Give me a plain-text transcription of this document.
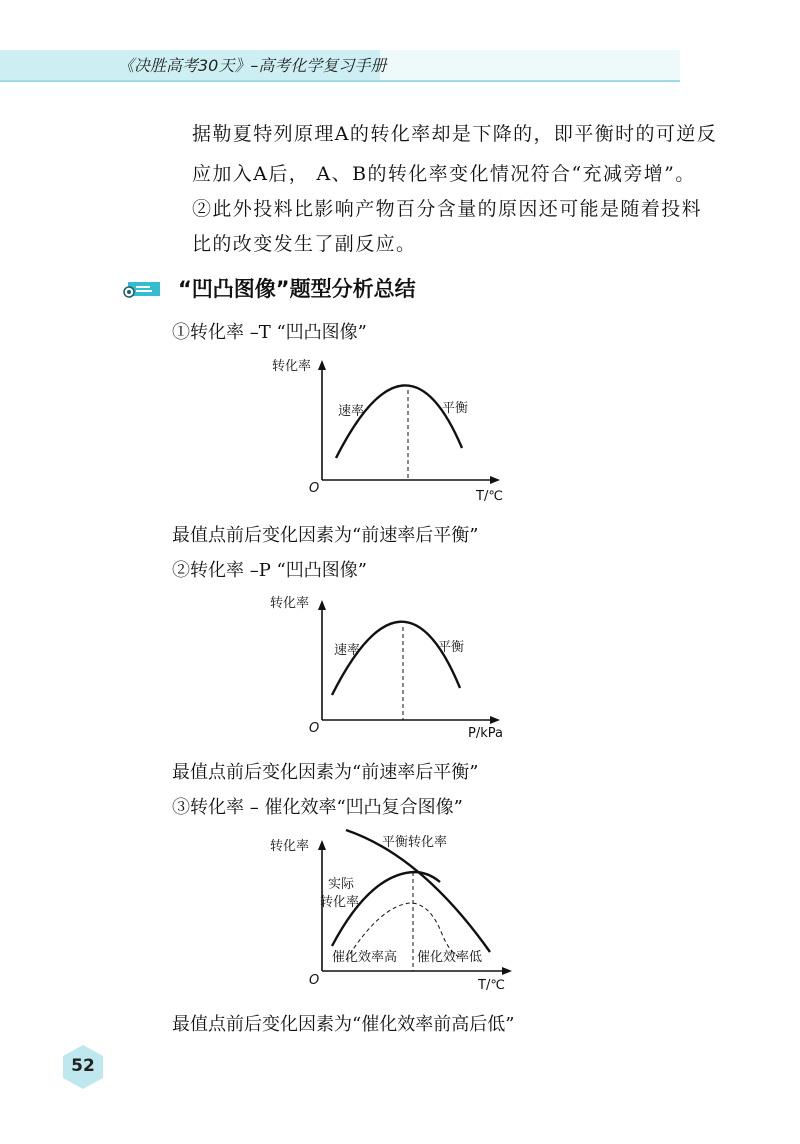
《决胜高考30天》–高考化学复习手册
据勒夏特列原理A的转化率却是下降的，即平衡时的可逆反
应加入A后， A、B的转化率变化情况符合“充减旁增”。
②此外投料比影响产物百分含量的原因还可能是随着投料
比的改变发生了副反应。
“凹凸图像”题型分析总结
①转化率 –T “凹凸图像”
转化率
O
T/℃
速率	平衡
最值点前后变化因素为“前速率后平衡”
②转化率 –P “凹凸图像”
转化率
O	P/kPa
速率	平衡
最值点前后变化因素为“前速率后平衡”
③转化率 – 催化效率“凹凸复合图像”
转化率
O	T/℃
平衡转化率
实际
转化率
催化效率高 催化效率低
最值点前后变化因素为“催化效率前高后低”
52
